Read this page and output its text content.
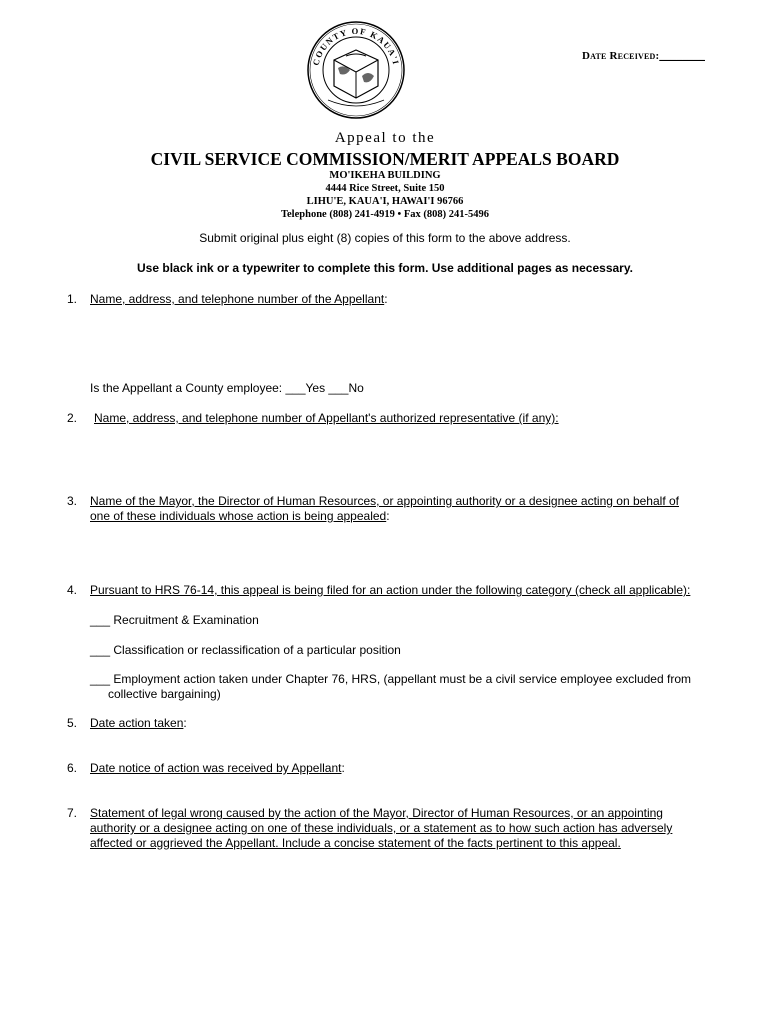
COUNTY OF KAUA'I
Date Received:________
Appeal to the
CIVIL SERVICE COMMISSION/MERIT APPEALS BOARD
MO'IKEHA BUILDING
4444 Rice Street, Suite 150
LIHU'E, KAUA'I, HAWAI'I 96766
Telephone (808) 241-4919 • Fax (808) 241-5496
Submit original plus eight (8) copies of this form to the above address.
Use black ink or a typewriter to complete this form. Use additional pages as necessary.
1.	Name, address, and telephone number of the Appellant:
Is the Appellant a County employee: ___Yes ___No
2.	Name, address, and telephone number of Appellant's authorized representative (if any):
3.	Name of the Mayor, the Director of Human Resources, or appointing authority or a designee acting on behalf of
one of these individuals whose action is being appealed:
4.	Pursuant to HRS 76-14, this appeal is being filed for an action under the following category (check all applicable):
___ Recruitment & Examination
___ Classification or reclassification of a particular position
___ Employment action taken under Chapter 76, HRS, (appellant must be a civil service employee excluded from
collective bargaining)
5.	Date action taken:
6.	Date notice of action was received by Appellant:
7.	Statement of legal wrong caused by the action of the Mayor, Director of Human Resources, or an appointing
authority or a designee acting on one of these individuals, or a statement as to how such action has adversely
affected or aggrieved the Appellant. Include a concise statement of the facts pertinent to this appeal.
